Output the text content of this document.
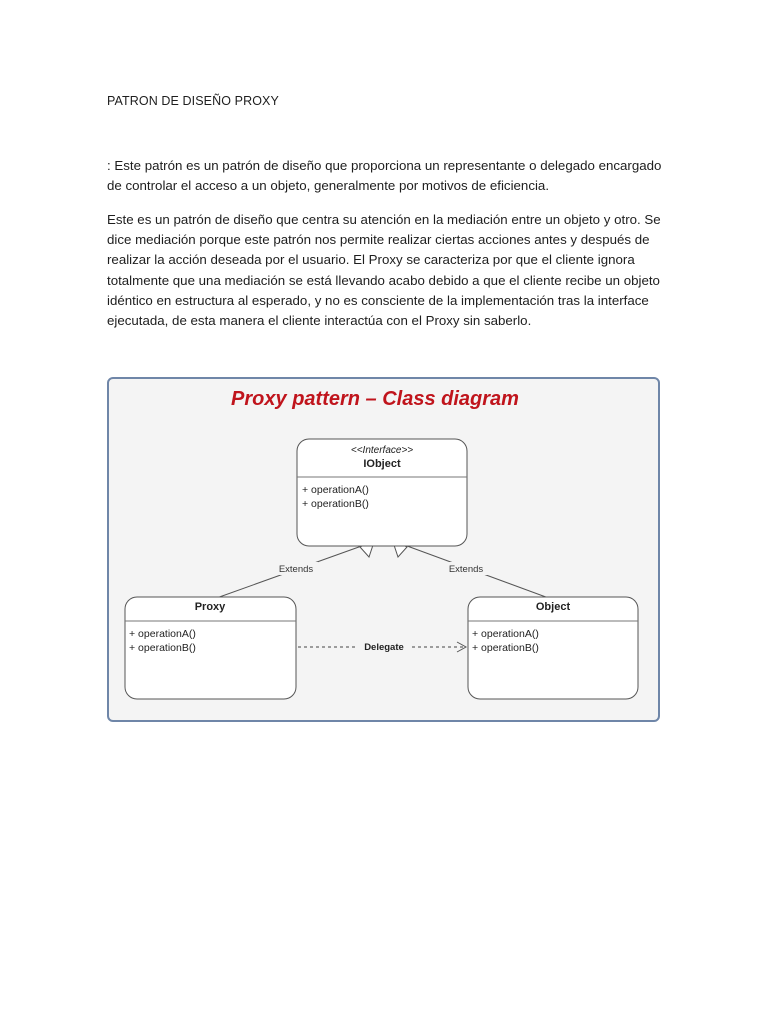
PATRON DE DISEÑO PROXY

: Este patrón es un patrón de diseño que proporciona un representante o delegado encargado de controlar el acceso a un objeto, generalmente por motivos de eficiencia.

Este es un patrón de diseño que centra su atención en la mediación entre un objeto y otro. Se dice mediación porque este patrón nos permite realizar ciertas acciones antes y después de realizar la acción deseada por el usuario. El Proxy se caracteriza por que el cliente ignora totalmente que una mediación se está llevando acabo debido a que el cliente recibe un objeto idéntico en estructura al esperado, y no es consciente de la implementación tras la interface ejecutada, de esta manera el cliente interactúa con el Proxy sin saberlo.

Proxy pattern – Class diagram
Extends	Extends
<<Interface>>
IObject
+ operationA()
+ operationB()
Proxy
+ operationA()
+ operationB()
Object
+ operationA()
+ operationB()
Delegate
